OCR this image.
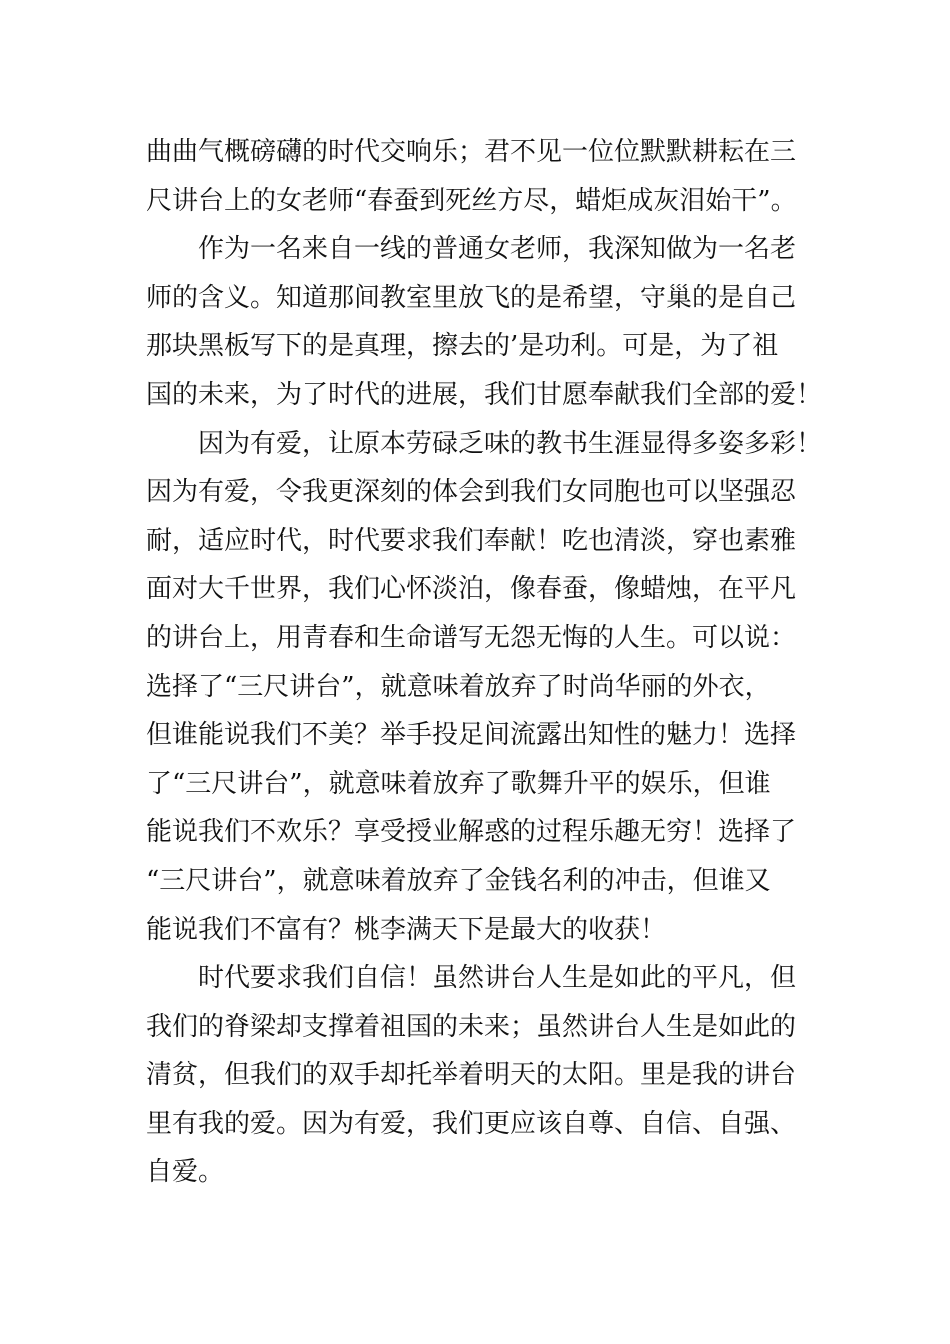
曲曲气概磅礴的时代交响乐；君不见一位位默默耕耘在三
尺讲台上的女老师“春蚕到死丝方尽，蜡炬成灰泪始干”。
作为一名来自一线的普通女老师，我深知做为一名老
师的含义。知道那间教室里放飞的是希望，守巢的是自己
那块黑板写下的是真理，擦去的’是功利。可是，为了祖
国的未来，为了时代的进展，我们甘愿奉献我们全部的爱！
因为有爱，让原本劳碌乏味的教书生涯显得多姿多彩！
因为有爱，令我更深刻的体会到我们女同胞也可以坚强忍
耐，适应时代，时代要求我们奉献！吃也清淡，穿也素雅
面对大千世界，我们心怀淡泊，像春蚕，像蜡烛，在平凡
的讲台上，用青春和生命谱写无怨无悔的人生。可以说：
选择了“三尺讲台”，就意味着放弃了时尚华丽的外衣，
但谁能说我们不美？举手投足间流露出知性的魅力！选择
了“三尺讲台”，就意味着放弃了歌舞升平的娱乐，但谁
能说我们不欢乐？享受授业解惑的过程乐趣无穷！选择了
“三尺讲台”，就意味着放弃了金钱名利的冲击，但谁又
能说我们不富有？桃李满天下是最大的收获！
时代要求我们自信！虽然讲台人生是如此的平凡，但
我们的脊梁却支撑着祖国的未来；虽然讲台人生是如此的
清贫，但我们的双手却托举着明天的太阳。里是我的讲台
里有我的爱。因为有爱，我们更应该自尊、自信、自强、
自爱。
